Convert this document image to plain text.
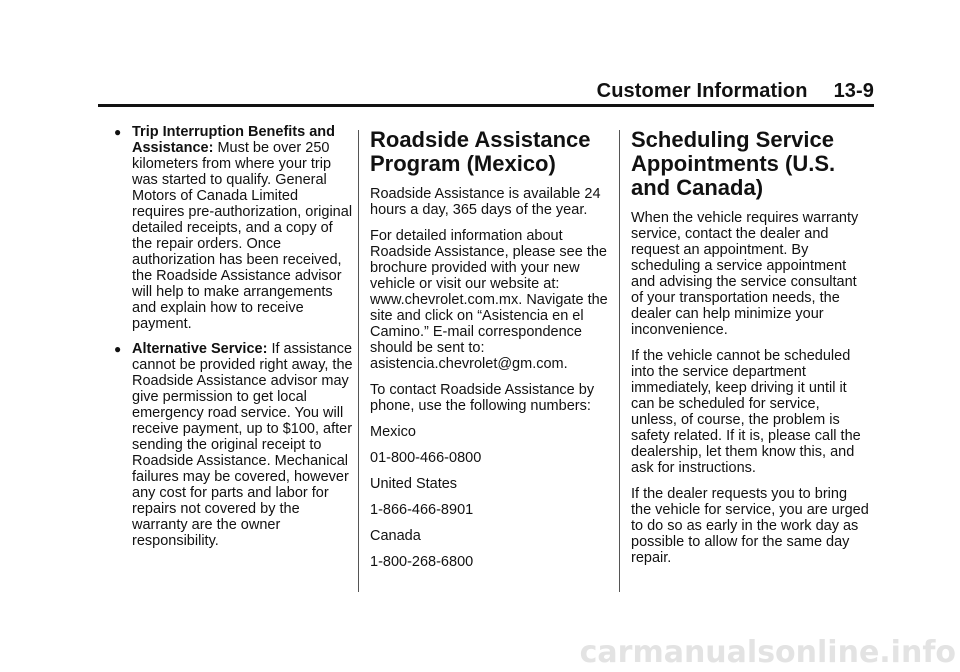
Customer Information 13-9
● Trip Interruption Benefits and Assistance: Must be over 250 kilometers from where your trip was started to qualify. General Motors of Canada Limited requires pre-authorization, original detailed receipts, and a copy of the repair orders. Once authorization has been received, the Roadside Assistance advisor will help to make arrangements and explain how to receive payment.
● Alternative Service: If assistance cannot be provided right away, the Roadside Assistance advisor may give permission to get local emergency road service. You will receive payment, up to $100, after sending the original receipt to Roadside Assistance. Mechanical failures may be covered, however any cost for parts and labor for repairs not covered by the warranty are the owner responsibility.
Roadside Assistance Program (Mexico)

Roadside Assistance is available 24 hours a day, 365 days of the year.

For detailed information about Roadside Assistance, please see the brochure provided with your new vehicle or visit our website at: www.chevrolet.com.mx. Navigate the site and click on “Asistencia en el Camino.” E-mail correspondence should be sent to: asistencia.chevrolet@gm.com.

To contact Roadside Assistance by phone, use the following numbers:

Mexico

01-800-466-0800

United States

1-866-466-8901

Canada

1-800-268-6800

Scheduling Service Appointments (U.S. and Canada)

When the vehicle requires warranty service, contact the dealer and request an appointment. By scheduling a service appointment and advising the service consultant of your transportation needs, the dealer can help minimize your inconvenience.

If the vehicle cannot be scheduled into the service department immediately, keep driving it until it can be scheduled for service, unless, of course, the problem is safety related. If it is, please call the dealership, let them know this, and ask for instructions.

If the dealer requests you to bring the vehicle for service, you are urged to do so as early in the work day as possible to allow for the same day repair.

carmanualsonline.info
